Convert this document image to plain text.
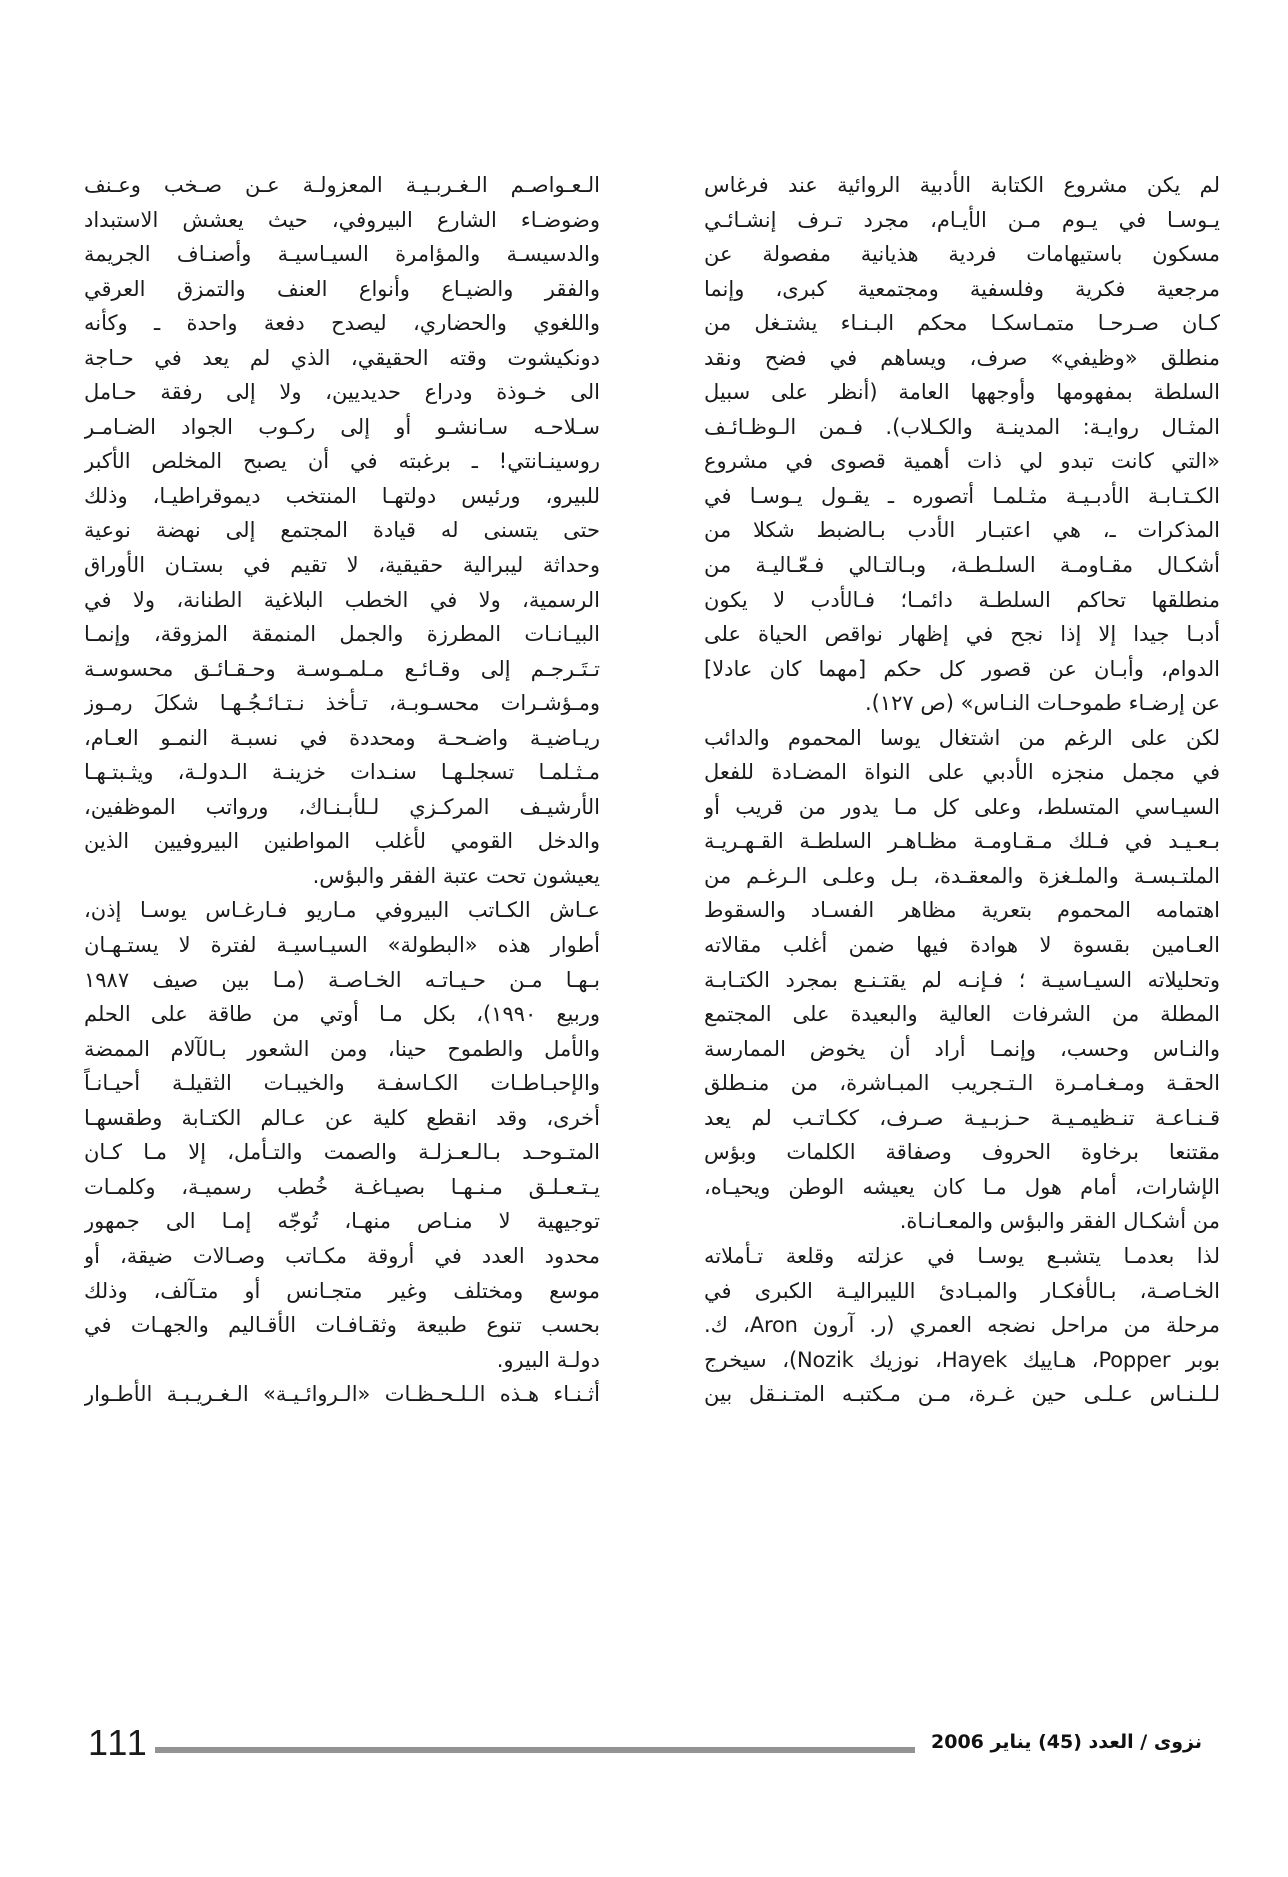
لم يكن مشروع الكتابة الأدبية الروائية عند فرغاس
يـوسـا في يـوم مـن الأيـام، مجرد تـرف إنشـائـي
مسكون باستيهامات فردية هذيانية مفصولة عن
مرجعية فكرية وفلسفية ومجتمعية كبرى، وإنما
كـان صـرحـا متمـاسكـا محكم البـنـاء يشتـغل من
منطلق «وظيفي» صرف، ويساهم في فضح ونقد
السلطة بمفهومها وأوجهها العامة (أنظر على سبيل
المثـال روايـة: المدينـة والكـلاب). فـمن الـوظـائـف
«التي كانت تبدو لي ذات أهمية قصوى في مشروع
الكـتـابـة الأدبـيـة مثـلمـا أتصوره ـ يقـول يـوسـا في
المذكرات ـ، هي اعتبـار الأدب بـالضبط شكلا من
أشكـال مقـاومـة السلـطـة، وبـالتـالي فـعّـاليـة من
منطلقها تحاكم السلطـة دائمـا؛ فـالأدب لا يكون
أدبـا جيدا إلا إذا نجح في إظهار نواقص الحياة على
الدوام، وأبـان عن قصور كل حكم [مهما كان عادلا]
عن إرضـاء طموحـات النـاس» (ص ١٢٧).
لكن على الرغم من اشتغال يوسا المحموم والدائب
في مجمل منجزه الأدبي على النواة المضـادة للفعل
السيـاسي المتسلط، وعلى كل مـا يدور من قريب أو
بـعـيـد في فـلك مـقـاومـة مظـاهـر السلطـة القـهـريـة
الملتـبسـة والملـغزة والمعقـدة، بـل وعلـى الـرغـم من
اهتمامه المحموم بتعرية مظاهر الفسـاد والسقوط
العـامين بقسوة لا هوادة فيها ضمن أغلب مقالاته
وتحليلاته السيـاسيـة ؛ فـإنـه لم يقتـنـع بمجرد الكتـابـة
المطلة من الشرفات العالية والبعيدة على المجتمع
والنـاس وحسب، وإنمـا أراد أن يخوض الممارسة
الحقـة ومـغـامـرة الـتـجريب المبـاشرة، من منـطلق
قـنـاعـة تنـظيمـيـة حـزبـيـة صـرف، ككـاتـب لم يعد
مقتنعا برخاوة الحروف وصفاقة الكلمات وبؤس
الإشارات، أمام هول مـا كان يعيشه الوطن ويحيـاه،
من أشكـال الفقر والبؤس والمعـانـاة.
لذا بعدمـا يتشبـع يوسـا في عزلته وقلعة تـأملاته
الخـاصـة، بـالأفكـار والمبـادئ الليبراليـة الكبرى في
مرحلة من مراحل نضجه العمري (ر. آرون Aron، ك.
بوبر Popper، هـاييك Hayek، نوزيك Nozik)، سيخرج
لـلـنـاس عـلـى حين غـرة، مـن مـكتبـه المتـنـقل بين
الـعـواصـم الـغـربـيـة المعزولـة عـن صـخب وعـنف
وضوضـاء الشارع البيروفي، حيث يعشش الاستبداد
والدسيسـة والمؤامرة السيـاسيـة وأصنـاف الجريمة
والفقر والضيـاع وأنواع العنف والتمزق العرقي
واللغوي والحضاري، ليصدح دفعة واحدة ـ وكأنه
دونكيشوت وقته الحقيقي، الذي لم يعد في حـاجة
الى خـوذة ودراع حديديين، ولا إلى رفقة حـامل
سـلاحـه سـانشـو أو إلى ركـوب الجواد الضـامـر
روسينـانتي! ـ برغبته في أن يصبح المخلص الأكبر
للبيرو، ورئيس دولتهـا المنتخب ديموقراطيـا، وذلك
حتى يتسنى له قيادة المجتمع إلى نهضة نوعية
وحداثة ليبرالية حقيقية، لا تقيم في بستـان الأوراق
الرسمية، ولا في الخطب البلاغية الطنانة، ولا في
البيـانـات المطرزة والجمل المنمقة المزوقة، وإنمـا
تـتَـرجـم إلى وقـائـع مـلمـوسـة وحـقـائـق محسوسـة
ومـؤشـرات محسـوبـة، تـأخذ نـتـائـجُـهـا شكلَ رمـوز
ريـاضيـة واضـحـة ومحددة في نسبـة النمـو العـام،
مـثـلمـا تسجلـهـا سنـدات خزينـة الـدولـة، ويثـبتـهـا
الأرشيـف المركـزي لـلأبـنـاك، ورواتب الموظفين،
والدخل القومي لأغلب المواطنين البيروفيين الذين
يعيشون تحت عتبة الفقر والبؤس.
عـاش الكـاتب البيروفي مـاريو فـارغـاس يوسـا إذن،
أطوار هذه «البطولة» السيـاسيـة لفترة لا يستـهـان
بـهـا مـن حـيـاتـه الخـاصـة (مـا بين صيف ١٩٨٧
وربيع ١٩٩٠)، بكل مـا أوتي من طاقة على الحلم
والأمل والطموح حينا، ومن الشعور بـالآلام الممضة
والإحبـاطـات الكـاسفـة والخيبـات الثقيلـة أحيـانـاً
أخرى، وقد انقطع كلية عن عـالم الكتـابة وطقسهـا
المتـوحـد بـالـعـزلـة والصمت والتـأمل، إلا مـا كـان
يـتـعـلـق مـنـهـا بصيـاغـة خُطب رسميـة، وكلمـات
توجيهية لا منـاص منهـا، تُوجّه إمـا الى جمهور
محدود العدد في أروقة مكـاتب وصـالات ضيقة، أو
موسع ومختلف وغير متجـانس أو متـآلف، وذلك
بحسب تنوع طبيعة وثقـافـات الأقـاليم والجهـات في
دولـة البيرو.
أثـنـاء هـذه الـلـحـظـات «الـروائـيـة» الـغـريـبـة الأطـوار
111	نزوى / العدد (45) يناير 2006
